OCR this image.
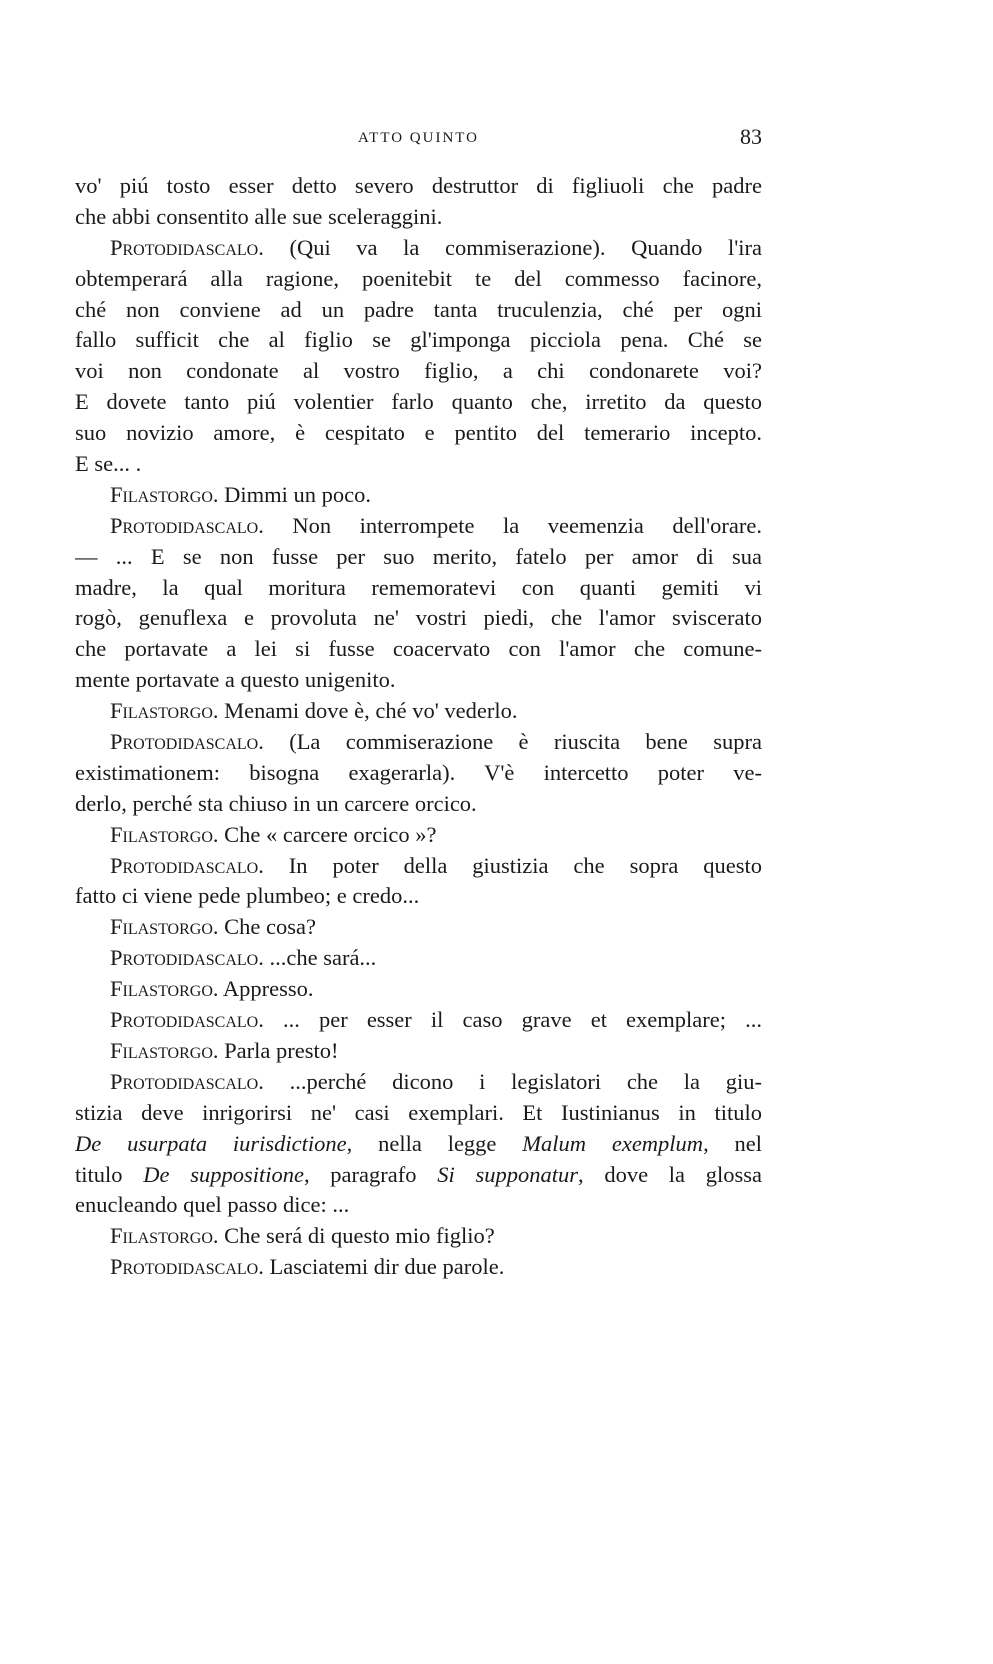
ATTO QUINTO	83
vo' piú tosto esser detto severo destruttor di figliuoli che padre
che abbi consentito alle sue sceleraggini.
Protodidascalo. (Qui va la commiserazione). Quando l'ira
obtemperará alla ragione, poenitebit te del commesso facinore,
ché non conviene ad un padre tanta truculenzia, ché per ogni
fallo sufficit che al figlio se gl'imponga picciola pena. Ché se
voi non condonate al vostro figlio, a chi condonarete voi?
E dovete tanto piú volentier farlo quanto che, irretito da questo
suo novizio amore, è cespitato e pentito del temerario incepto.
E se... .
Filastorgo. Dimmi un poco.
Protodidascalo. Non interrompete la veemenzia dell'orare.
— ... E se non fusse per suo merito, fatelo per amor di sua
madre, la qual moritura rememoratevi con quanti gemiti vi
rogò, genuflexa e provoluta ne' vostri piedi, che l'amor sviscerato
che portavate a lei si fusse coacervato con l'amor che comune-
mente portavate a questo unigenito.
Filastorgo. Menami dove è, ché vo' vederlo.
Protodidascalo. (La commiserazione è riuscita bene supra
existimationem: bisogna exagerarla). V'è intercetto poter ve-
derlo, perché sta chiuso in un carcere orcico.
Filastorgo. Che « carcere orcico »?
Protodidascalo. In poter della giustizia che sopra questo
fatto ci viene pede plumbeo; e credo...
Filastorgo. Che cosa?
Protodidascalo. ...che sará...
Filastorgo. Appresso.
Protodidascalo. ... per esser il caso grave et exemplare; ...
Filastorgo. Parla presto!
Protodidascalo. ...perché dicono i legislatori che la giu-
stizia deve inrigorirsi ne' casi exemplari. Et Iustinianus in titulo
De usurpata iurisdictione, nella legge Malum exemplum, nel
titulo De suppositione, paragrafo Si supponatur, dove la glossa
enucleando quel passo dice: ...
Filastorgo. Che será di questo mio figlio?
Protodidascalo. Lasciatemi dir due parole.
